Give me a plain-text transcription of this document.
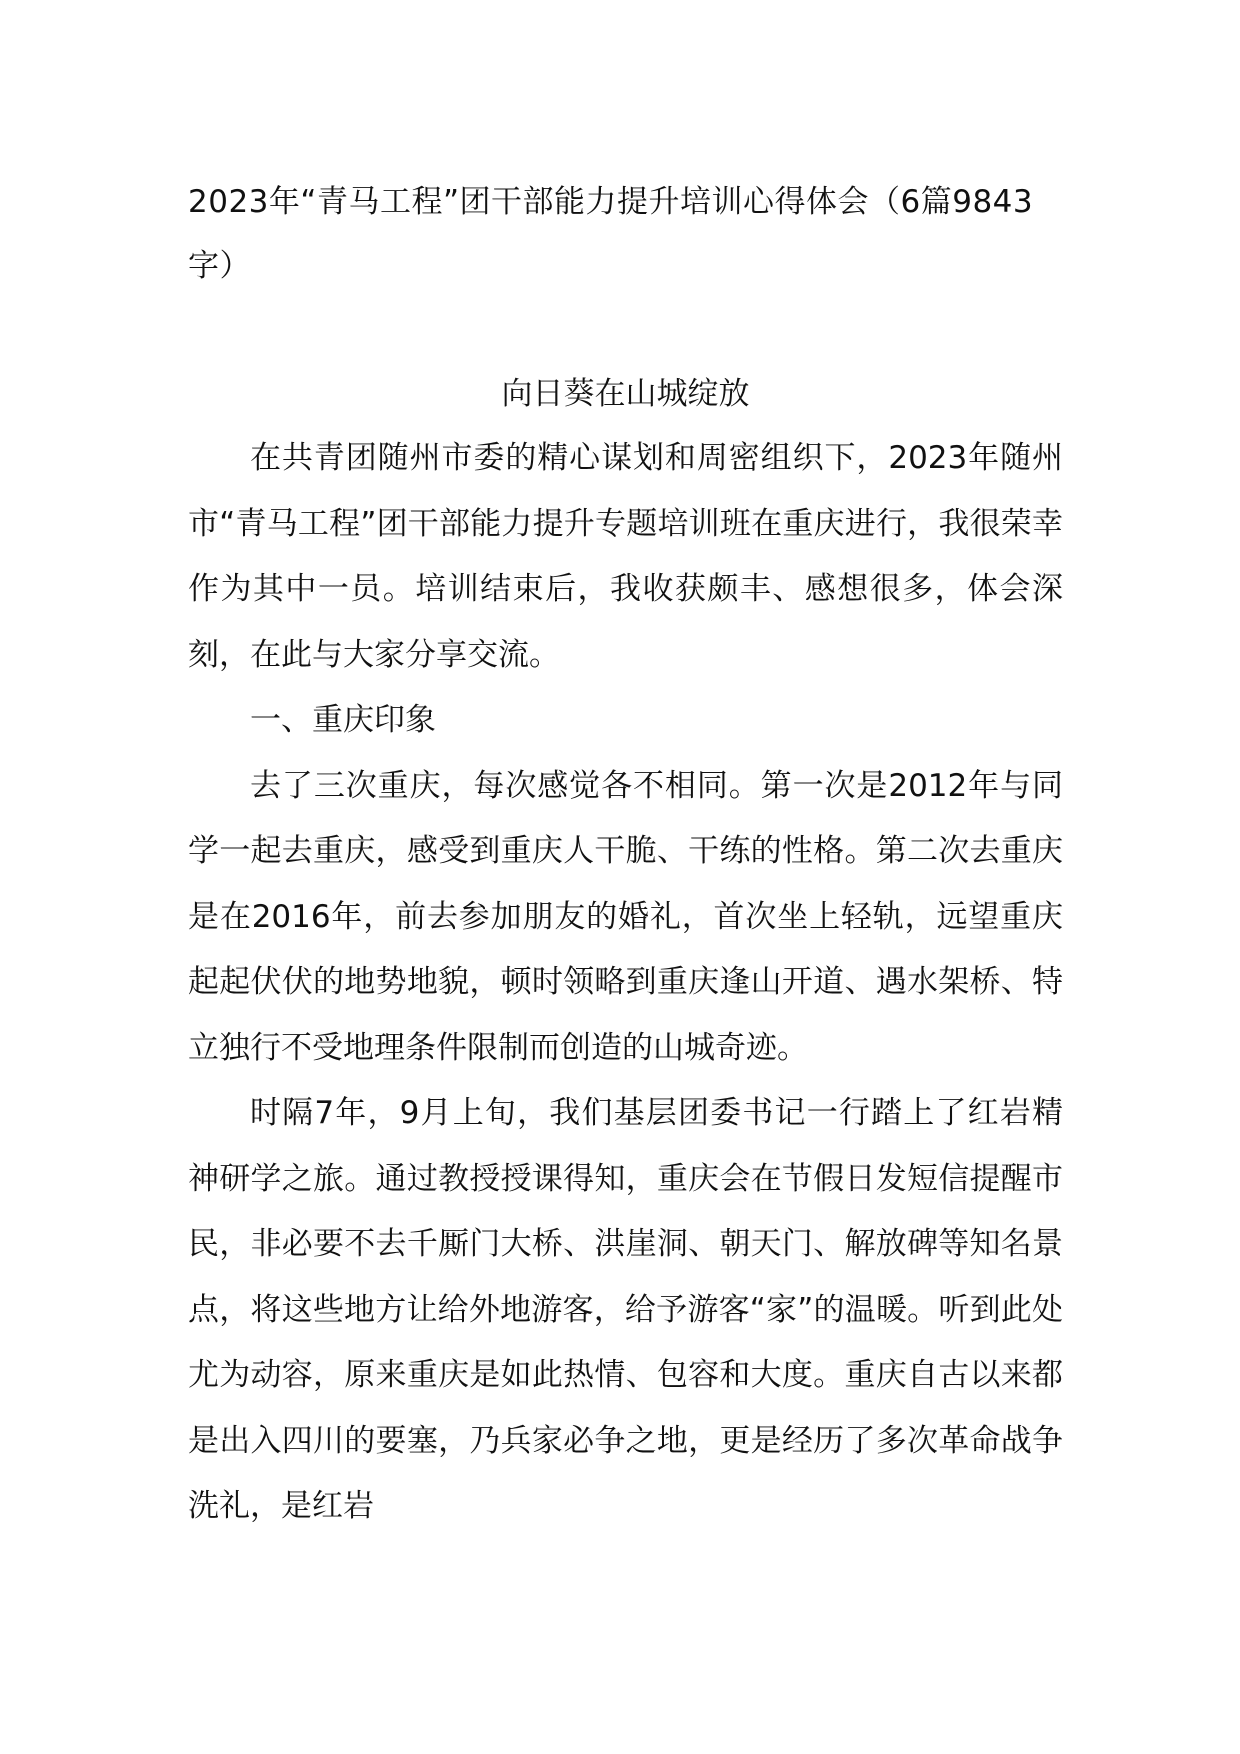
2023年“青马工程”团干部能力提升培训心得体会（6篇9843字）
向日葵在山城绽放

在共青团随州市委的精心谋划和周密组织下，2023年随州市“青马工程”团干部能力提升专题培训班在重庆进行，我很荣幸作为其中一员。培训结束后，我收获颇丰、感想很多，体会深刻，在此与大家分享交流。

一、重庆印象

去了三次重庆，每次感觉各不相同。第一次是2012年与同学一起去重庆，感受到重庆人干脆、干练的性格。第二次去重庆是在2016年，前去参加朋友的婚礼，首次坐上轻轨，远望重庆起起伏伏的地势地貌，顿时领略到重庆逢山开道、遇水架桥、特立独行不受地理条件限制而创造的山城奇迹。

时隔7年，9月上旬，我们基层团委书记一行踏上了红岩精神研学之旅。通过教授授课得知，重庆会在节假日发短信提醒市民，非必要不去千厮门大桥、洪崖洞、朝天门、解放碑等知名景点，将这些地方让给外地游客，给予游客“家”的温暖。听到此处尤为动容，原来重庆是如此热情、包容和大度。重庆自古以来都是出入四川的要塞，乃兵家必争之地，更是经历了多次革命战争洗礼，是红岩
